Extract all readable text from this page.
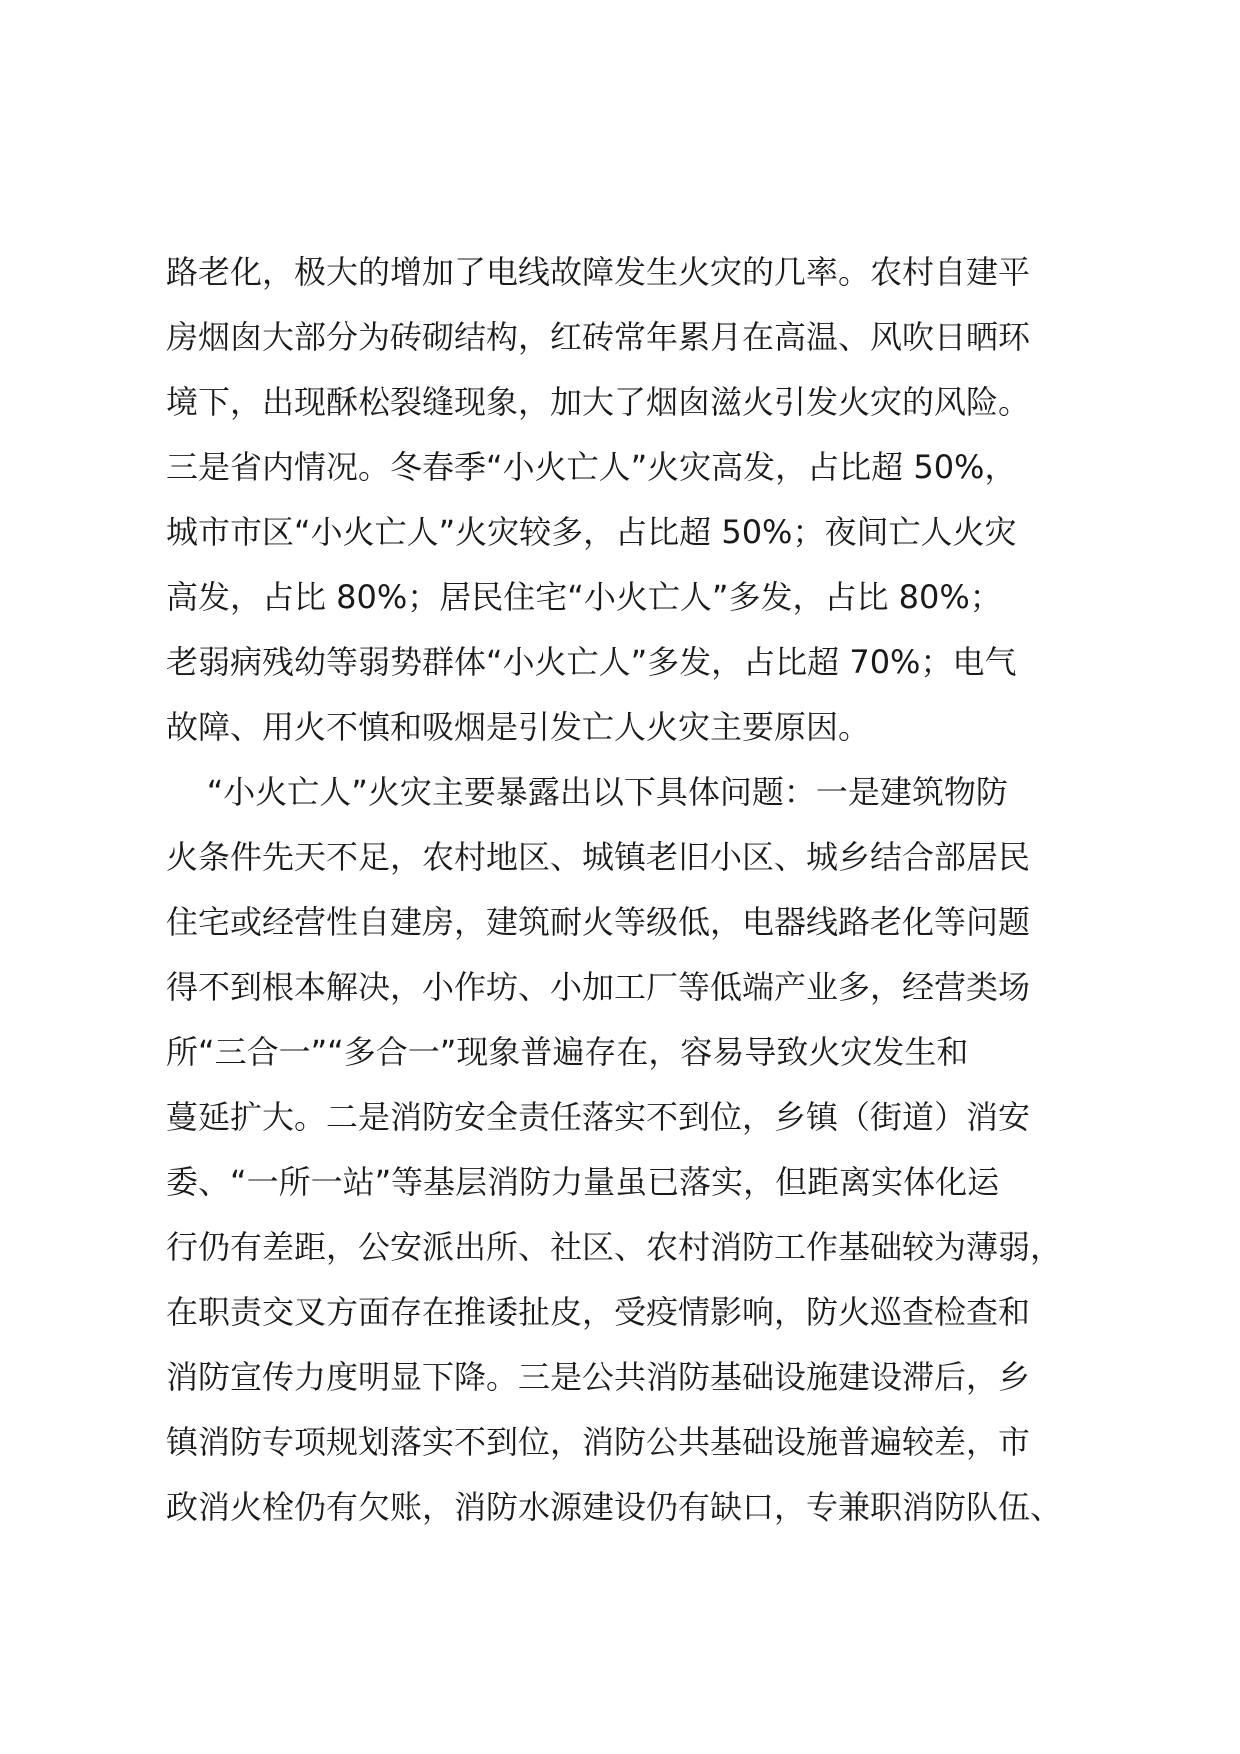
路老化，极大的增加了电线故障发生火灾的几率。农村自建平
房烟囱大部分为砖砌结构，红砖常年累月在高温、风吹日晒环
境下，出现酥松裂缝现象，加大了烟囱滋火引发火灾的风险。
三是省内情况。冬春季“小火亡人”火灾高发，占比超 50%，
城市市区“小火亡人”火灾较多，占比超 50%；夜间亡人火灾
高发，占比 80%；居民住宅“小火亡人”多发，占比 80%；
老弱病残幼等弱势群体“小火亡人”多发，占比超 70%；电气
故障、用火不慎和吸烟是引发亡人火灾主要原因。
“小火亡人”火灾主要暴露出以下具体问题：一是建筑物防
火条件先天不足，农村地区、城镇老旧小区、城乡结合部居民
住宅或经营性自建房，建筑耐火等级低，电器线路老化等问题
得不到根本解决，小作坊、小加工厂等低端产业多，经营类场
所“三合一”“多合一”现象普遍存在，容易导致火灾发生和
蔓延扩大。二是消防安全责任落实不到位，乡镇（街道）消安
委、“一所一站”等基层消防力量虽已落实，但距离实体化运
行仍有差距，公安派出所、社区、农村消防工作基础较为薄弱，
在职责交叉方面存在推诿扯皮，受疫情影响，防火巡查检查和
消防宣传力度明显下降。三是公共消防基础设施建设滞后，乡
镇消防专项规划落实不到位，消防公共基础设施普遍较差，市
政消火栓仍有欠账，消防水源建设仍有缺口，专兼职消防队伍、
